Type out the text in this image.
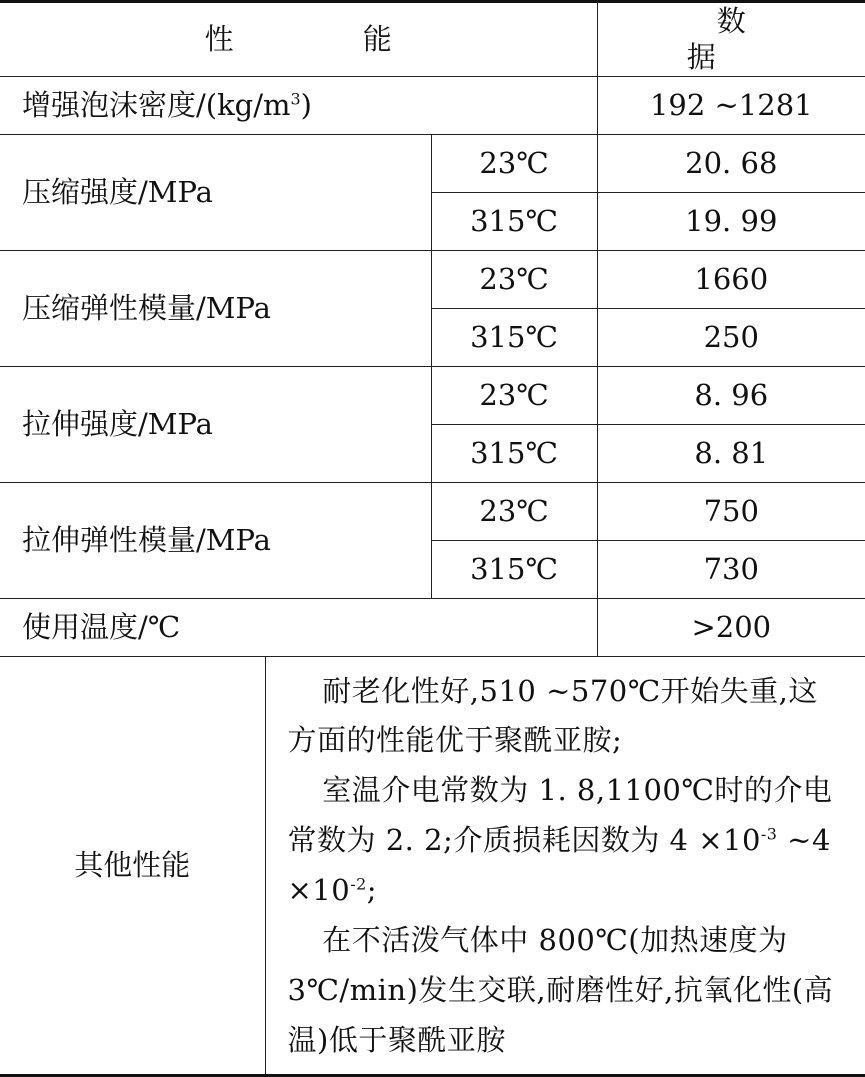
性 能			数 据
增强泡沫密度$/(kg/m^3)$			192 ~1281
压缩强度/MPa		23℃	20. 68
		315℃	19. 99
压缩弹性模量/MPa		23℃	1660
		315℃	250
拉伸强度/MPa		23℃	8. 96
		315℃	8. 81
拉伸弹性模量/MPa		23℃	750
		315℃	730
使用温度/℃			>200
其他性能	耐老化性好,510 ~570℃开始失重,这方面的性能优于聚酰亚胺;

室温介电常数为 1. 8,1100℃时的介电常数为 2. 2;介质损耗因数为 $4 \times 10^{-3}$ ~4 $\times 10^{-2}$;

在不活泼气体中 800℃(加热速度为 3℃/min)发生交联,耐磨性好,抗氧化性(高温)低于聚酰亚胺		
